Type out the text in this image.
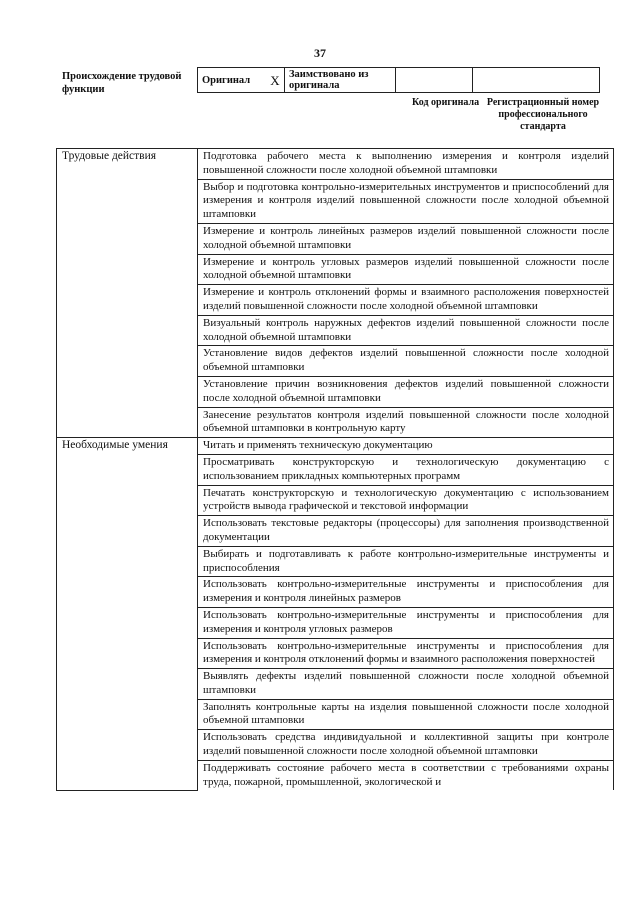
37
Происхождение трудовой функции
Оригинал	X	Заимствовано из оригинала		
Код оригинала Регистрационный номер профессионального стандарта
Трудовые действия	Подготовка рабочего места к выполнению измерения и контроля изделий повышенной сложности после холодной объемной штамповки
	Выбор и подготовка контрольно-измерительных инструментов и приспособлений для измерения и контроля изделий повышенной сложности после холодной объемной штамповки
	Измерение и контроль линейных размеров изделий повышенной сложности после холодной объемной штамповки
	Измерение и контроль угловых размеров изделий повышенной сложности после холодной объемной штамповки
	Измерение и контроль отклонений формы и взаимного расположения поверхностей изделий повышенной сложности после холодной объемной штамповки
	Визуальный контроль наружных дефектов изделий повышенной сложности после холодной объемной штамповки
	Установление видов дефектов изделий повышенной сложности после холодной объемной штамповки
	Установление причин возникновения дефектов изделий повышенной сложности после холодной объемной штамповки
	Занесение результатов контроля изделий повышенной сложности после холодной объемной штамповки в контрольную карту
Необходимые умения	Читать и применять техническую документацию
	Просматривать конструкторскую и технологическую документацию с использованием прикладных компьютерных программ
	Печатать конструкторскую и технологическую документацию с использованием устройств вывода графической и текстовой информации
	Использовать текстовые редакторы (процессоры) для заполнения производственной документации
	Выбирать и подготавливать к работе контрольно-измерительные инструменты и приспособления
	Использовать контрольно-измерительные инструменты и приспособления для измерения и контроля линейных размеров
	Использовать контрольно-измерительные инструменты и приспособления для измерения и контроля угловых размеров
	Использовать контрольно-измерительные инструменты и приспособления для измерения и контроля отклонений формы и взаимного расположения поверхностей
	Выявлять дефекты изделий повышенной сложности после холодной объемной штамповки
	Заполнять контрольные карты на изделия повышенной сложности после холодной объемной штамповки
	Использовать средства индивидуальной и коллективной защиты при контроле изделий повышенной сложности после холодной объемной штамповки
	Поддерживать состояние рабочего места в соответствии с требованиями охраны труда, пожарной, промышленной, экологической и
